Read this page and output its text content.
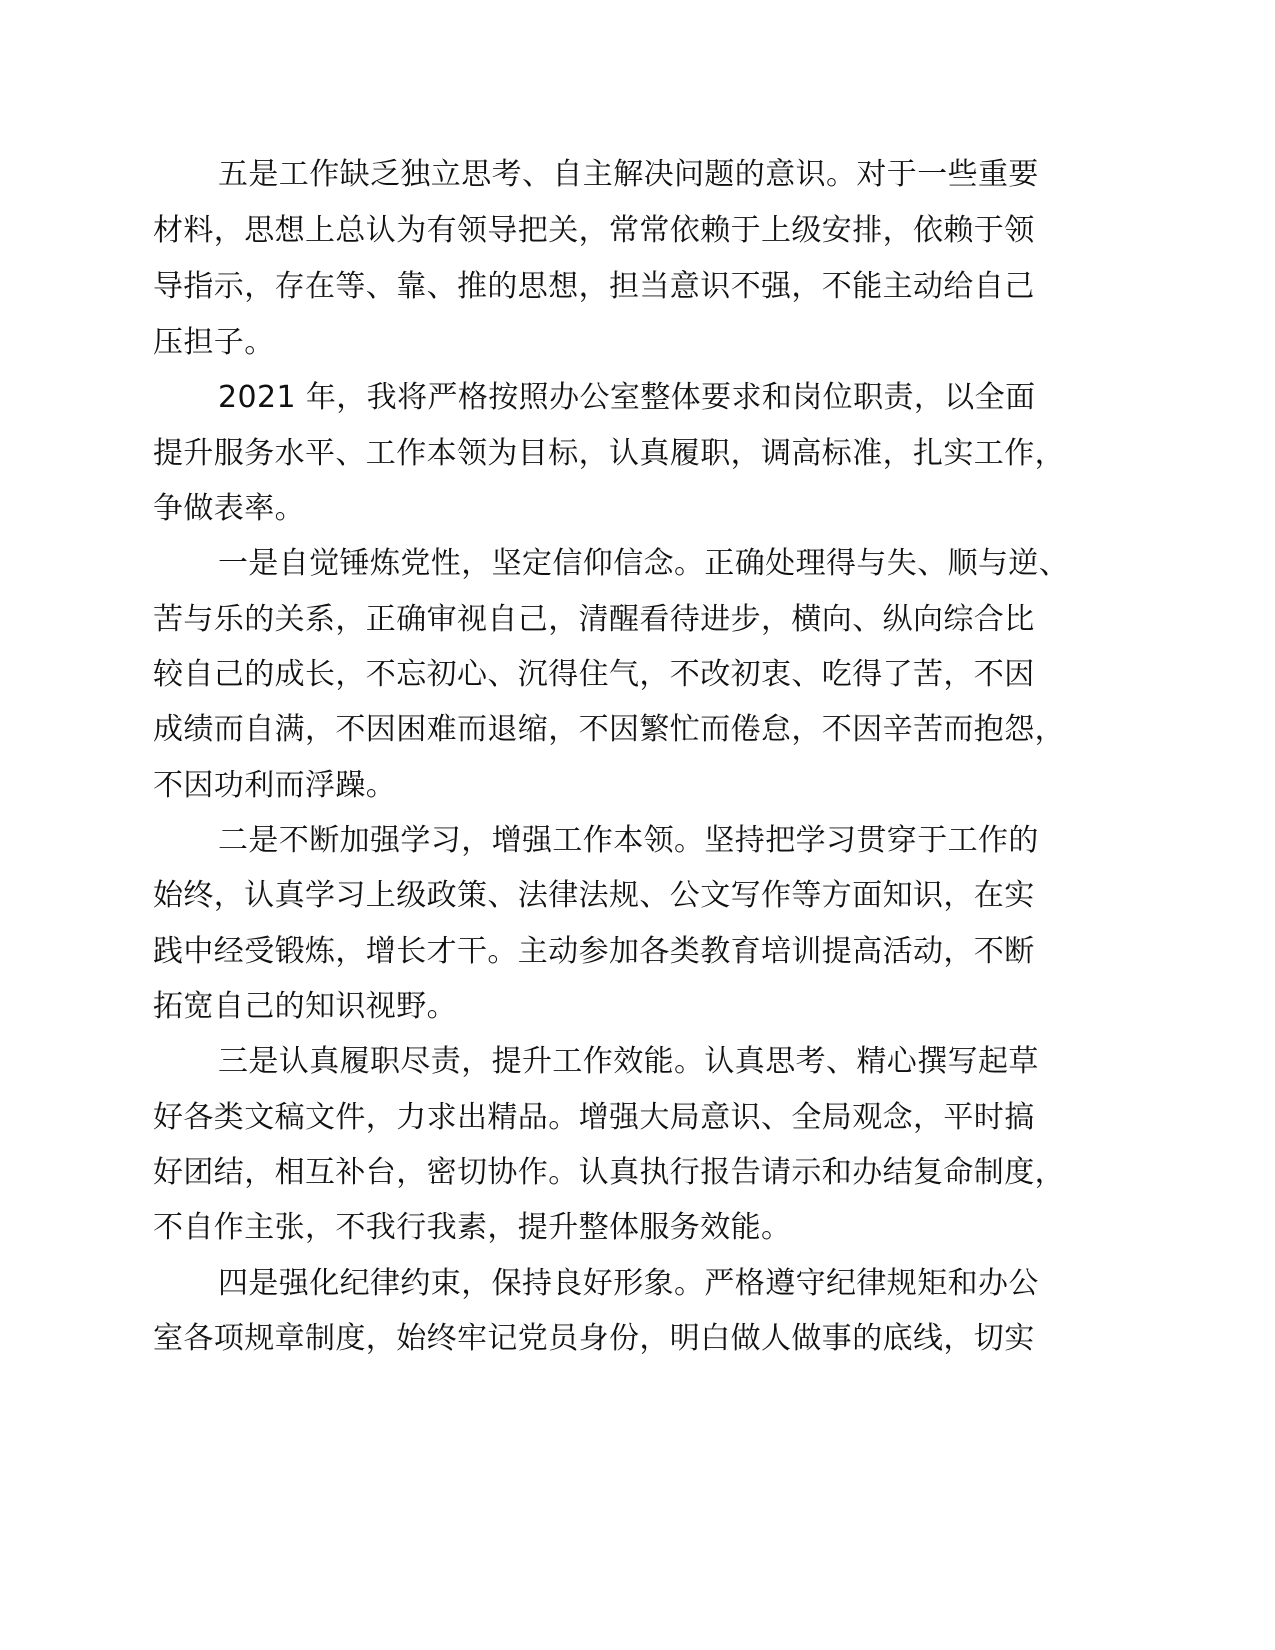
五是工作缺乏独立思考、自主解决问题的意识。对于一些重要
材料，思想上总认为有领导把关，常常依赖于上级安排，依赖于领
导指示，存在等、靠、推的思想，担当意识不强，不能主动给自己
压担子。
2021 年，我将严格按照办公室整体要求和岗位职责，以全面
提升服务水平、工作本领为目标，认真履职，调高标准，扎实工作，
争做表率。
一是自觉锤炼党性，坚定信仰信念。正确处理得与失、顺与逆、
苦与乐的关系，正确审视自己，清醒看待进步，横向、纵向综合比
较自己的成长，不忘初心、沉得住气，不改初衷、吃得了苦，不因
成绩而自满，不因困难而退缩，不因繁忙而倦怠，不因辛苦而抱怨，
不因功利而浮躁。
二是不断加强学习，增强工作本领。坚持把学习贯穿于工作的
始终，认真学习上级政策、法律法规、公文写作等方面知识，在实
践中经受锻炼，增长才干。主动参加各类教育培训提高活动，不断
拓宽自己的知识视野。
三是认真履职尽责，提升工作效能。认真思考、精心撰写起草
好各类文稿文件，力求出精品。增强大局意识、全局观念，平时搞
好团结，相互补台，密切协作。认真执行报告请示和办结复命制度，
不自作主张，不我行我素，提升整体服务效能。
四是强化纪律约束，保持良好形象。严格遵守纪律规矩和办公
室各项规章制度，始终牢记党员身份，明白做人做事的底线，切实
